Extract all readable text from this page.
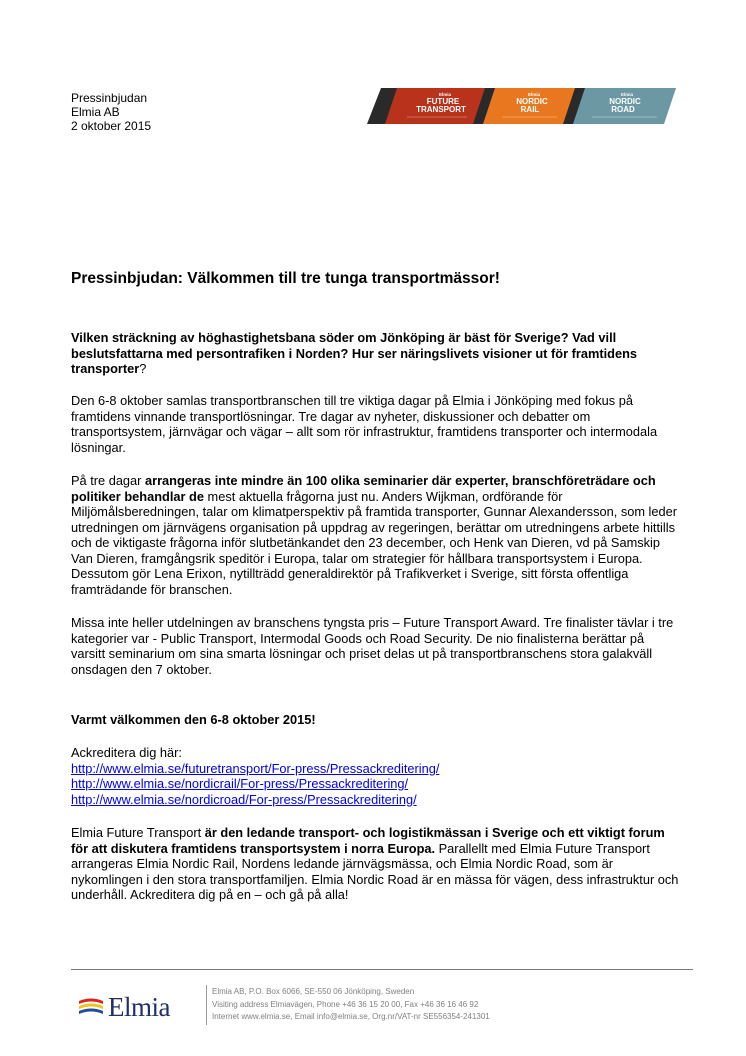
Pressinbjudan
Elmia AB
2 oktober 2015
Elmia
FUTURE
TRANSPORT
Elmia
NORDIC
RAIL
Elmia
NORDIC
ROAD
Pressinbjudan: Välkommen till tre tunga transportmässor!

Vilken sträckning av höghastighetsbana söder om Jönköping är bäst för Sverige? Vad vill beslutsfattarna med persontrafiken i Norden? Hur ser näringslivets visioner ut för framtidens transporter?

Den 6-8 oktober samlas transportbranschen till tre viktiga dagar på Elmia i Jönköping med fokus på framtidens vinnande transportlösningar. Tre dagar av nyheter, diskussioner och debatter om transportsystem, järnvägar och vägar – allt som rör infrastruktur, framtidens transporter och intermodala lösningar.

På tre dagar arrangeras inte mindre än 100 olika seminarier där experter, branschföreträdare och politiker behandlar de mest aktuella frågorna just nu. Anders Wijkman, ordförande för Miljömålsberedningen, talar om klimatperspektiv på framtida transporter, Gunnar Alexandersson, som leder utredningen om järnvägens organisation på uppdrag av regeringen, berättar om utredningens arbete hittills och de viktigaste frågorna inför slutbetänkandet den 23 december, och Henk van Dieren, vd på Samskip Van Dieren, framgångsrik speditör i Europa, talar om strategier för hållbara transportsystem i Europa. Dessutom gör Lena Erixon, nytillträdd generaldirektör på Trafikverket i Sverige, sitt första offentliga framträdande för branschen.

Missa inte heller utdelningen av branschens tyngsta pris – Future Transport Award. Tre finalister tävlar i tre kategorier var - Public Transport, Intermodal Goods och Road Security. De nio finalisterna berättar på varsitt seminarium om sina smarta lösningar och priset delas ut på transportbranschens stora galakväll onsdagen den 7 oktober.

Varmt välkommen den 6-8 oktober 2015!

Ackreditera dig här:
http://www.elmia.se/futuretransport/For-press/Pressackreditering/
http://www.elmia.se/nordicrail/For-press/Pressackreditering/
http://www.elmia.se/nordicroad/For-press/Pressackreditering/

Elmia Future Transport är den ledande transport- och logistikmässan i Sverige och ett viktigt forum för att diskutera framtidens transportsystem i norra Europa. Parallellt med Elmia Future Transport arrangeras Elmia Nordic Rail, Nordens ledande järnvägsmässa, och Elmia Nordic Road, som är nykomlingen i den stora transportfamiljen. Elmia Nordic Road är en mässa för vägen, dess infrastruktur och underhåll. Ackreditera dig på en – och gå på alla!

Elmia	Elmia AB, P.O. Box 6066, SE-550 06 Jönköping, Sweden
Visiting address Elmiavägen, Phone +46 36 15 20 00, Fax +46 36 16 46 92
Internet www.elmia.se, Email info@elmia.se, Org.nr/VAT-nr SE556354-241301
